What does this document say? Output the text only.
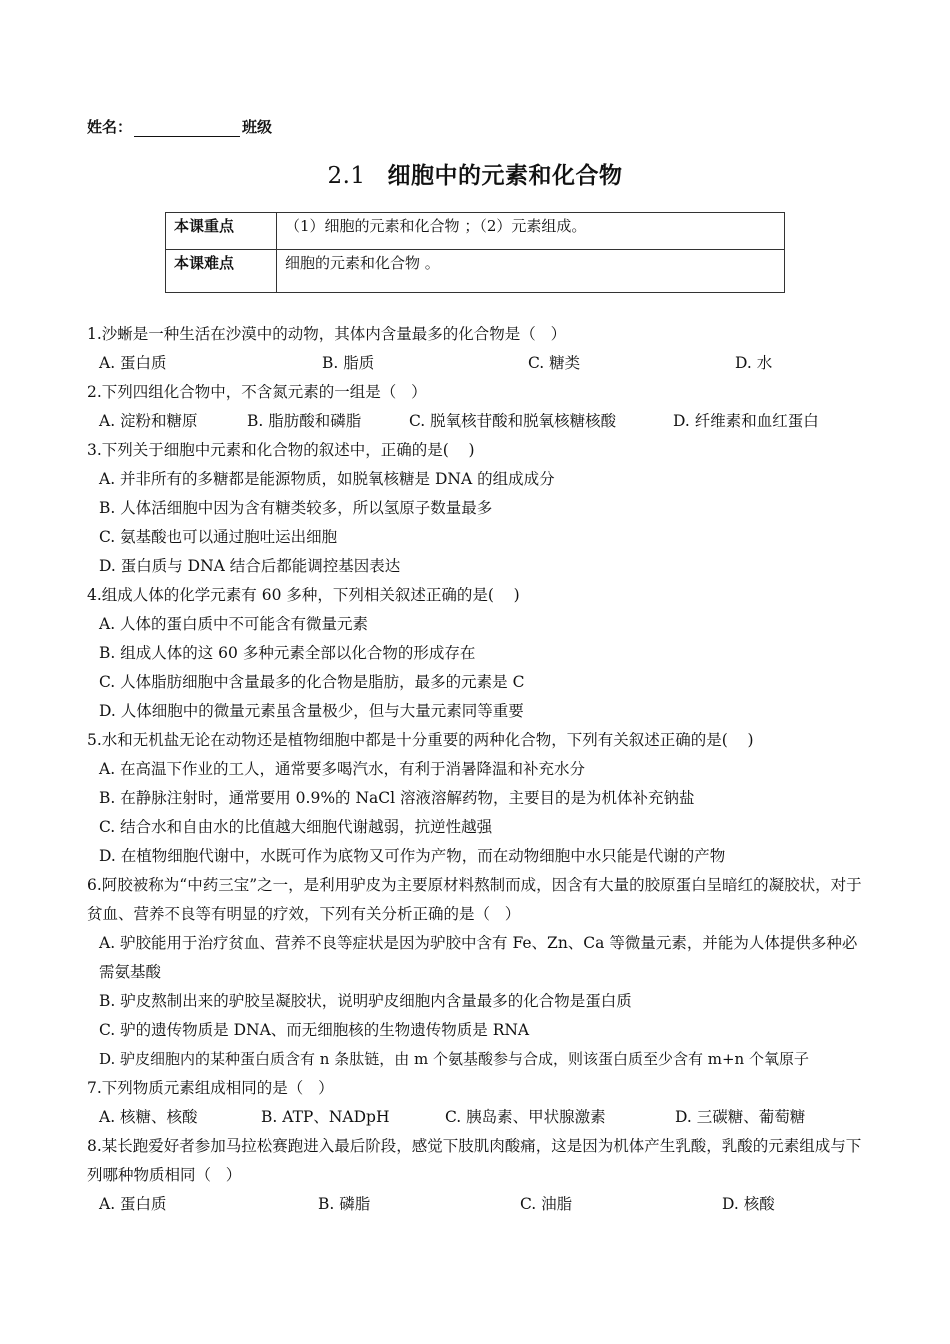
姓名：	班级
2.1 细胞中的元素和化合物
本课重点	（1）细胞的元素和化合物 ；（2）元素组成。
本课难点	细胞的元素和化合物 。
1.沙蜥是一种生活在沙漠中的动物，其体内含量最多的化合物是（   ）
A. 蛋白质	B. 脂质	C. 糖类	D. 水
2.下列四组化合物中，不含氮元素的一组是（   ）
A. 淀粉和糖原	B. 脂肪酸和磷脂	C. 脱氧核苷酸和脱氧核糖核酸	D. 纤维素和血红蛋白
3.下列关于细胞中元素和化合物的叙述中，正确的是(    )
A. 并非所有的多糖都是能源物质，如脱氧核糖是 DNA 的组成成分
B. 人体活细胞中因为含有糖类较多，所以氢原子数量最多
C. 氨基酸也可以通过胞吐运出细胞
D. 蛋白质与 DNA 结合后都能调控基因表达
4.组成人体的化学元素有 60 多种，下列相关叙述正确的是(    )
A. 人体的蛋白质中不可能含有微量元素
B. 组成人体的这 60 多种元素全部以化合物的形成存在
C. 人体脂肪细胞中含量最多的化合物是脂肪，最多的元素是 C
D. 人体细胞中的微量元素虽含量极少，但与大量元素同等重要
5.水和无机盐无论在动物还是植物细胞中都是十分重要的两种化合物，下列有关叙述正确的是(    )
A. 在高温下作业的工人，通常要多喝汽水，有利于消暑降温和补充水分
B. 在静脉注射时，通常要用 0.9%的 NaCl 溶液溶解药物，主要目的是为机体补充钠盐
C. 结合水和自由水的比值越大细胞代谢越弱，抗逆性越强
D. 在植物细胞代谢中，水既可作为底物又可作为产物，而在动物细胞中水只能是代谢的产物
6.阿胶被称为“中药三宝”之一，是利用驴皮为主要原材料熬制而成，因含有大量的胶原蛋白呈暗红的凝胶状，对于贫血、营养不良等有明显的疗效，下列有关分析正确的是（   ）
A. 驴胶能用于治疗贫血、营养不良等症状是因为驴胶中含有 Fe、Zn、Ca 等微量元素，并能为人体提供多种必需氨基酸
B. 驴皮熬制出来的驴胶呈凝胶状，说明驴皮细胞内含量最多的化合物是蛋白质
C. 驴的遗传物质是 DNA、而无细胞核的生物遗传物质是 RNA
D. 驴皮细胞内的某种蛋白质含有 n 条肽链，由 m 个氨基酸参与合成，则该蛋白质至少含有 m+n 个氧原子
7.下列物质元素组成相同的是（   ）
A. 核糖、核酸	B. ATP、NADpH	C. 胰岛素、甲状腺激素	D. 三碳糖、葡萄糖
8.某长跑爱好者参加马拉松赛跑进入最后阶段，感觉下肢肌肉酸痛，这是因为机体产生乳酸，乳酸的元素组成与下列哪种物质相同（   ）
A. 蛋白质	B. 磷脂	C. 油脂	D. 核酸
